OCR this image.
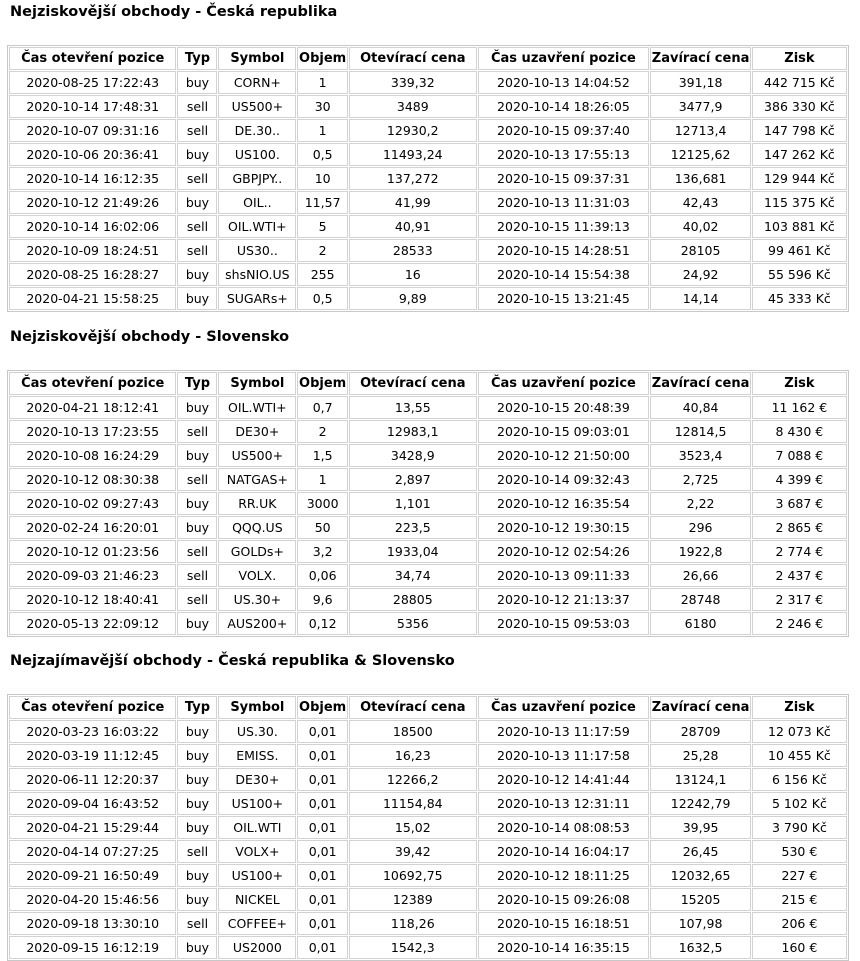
Nejziskovější obchody - Česká republika
Čas otevření pozice	Typ	Symbol	Objem	Otevírací cena	Čas uzavření pozice	Zavírací cena	Zisk
2020-08-25 17:22:43	buy	CORN+	1	339,32	2020-10-13 14:04:52	391,18	442 715 Kč
2020-10-14 17:48:31	sell	US500+	30	3489	2020-10-14 18:26:05	3477,9	386 330 Kč
2020-10-07 09:31:16	sell	DE.30..	1	12930,2	2020-10-15 09:37:40	12713,4	147 798 Kč
2020-10-06 20:36:41	buy	US100.	0,5	11493,24	2020-10-13 17:55:13	12125,62	147 262 Kč
2020-10-14 16:12:35	sell	GBPJPY..	10	137,272	2020-10-15 09:37:31	136,681	129 944 Kč
2020-10-12 21:49:26	buy	OIL..	11,57	41,99	2020-10-13 11:31:03	42,43	115 375 Kč
2020-10-14 16:02:06	sell	OIL.WTI+	5	40,91	2020-10-15 11:39:13	40,02	103 881 Kč
2020-10-09 18:24:51	sell	US30..	2	28533	2020-10-15 14:28:51	28105	99 461 Kč
2020-08-25 16:28:27	buy	shsNIO.US	255	16	2020-10-14 15:54:38	24,92	55 596 Kč
2020-04-21 15:58:25	buy	SUGARs+	0,5	9,89	2020-10-15 13:21:45	14,14	45 333 Kč
Nejziskovější obchody - Slovensko
Čas otevření pozice	Typ	Symbol	Objem	Otevírací cena	Čas uzavření pozice	Zavírací cena	Zisk
2020-04-21 18:12:41	buy	OIL.WTI+	0,7	13,55	2020-10-15 20:48:39	40,84	11 162 €
2020-10-13 17:23:55	sell	DE30+	2	12983,1	2020-10-15 09:03:01	12814,5	8 430 €
2020-10-08 16:24:29	buy	US500+	1,5	3428,9	2020-10-12 21:50:00	3523,4	7 088 €
2020-10-12 08:30:38	sell	NATGAS+	1	2,897	2020-10-14 09:32:43	2,725	4 399 €
2020-10-02 09:27:43	buy	RR.UK	3000	1,101	2020-10-12 16:35:54	2,22	3 687 €
2020-02-24 16:20:01	buy	QQQ.US	50	223,5	2020-10-12 19:30:15	296	2 865 €
2020-10-12 01:23:56	sell	GOLDs+	3,2	1933,04	2020-10-12 02:54:26	1922,8	2 774 €
2020-09-03 21:46:23	sell	VOLX.	0,06	34,74	2020-10-13 09:11:33	26,66	2 437 €
2020-10-12 18:40:41	sell	US.30+	9,6	28805	2020-10-12 21:13:37	28748	2 317 €
2020-05-13 22:09:12	buy	AUS200+	0,12	5356	2020-10-15 09:53:03	6180	2 246 €
Nejzajímavější obchody - Česká republika & Slovensko
Čas otevření pozice	Typ	Symbol	Objem	Otevírací cena	Čas uzavření pozice	Zavírací cena	Zisk
2020-03-23 16:03:22	buy	US.30.	0,01	18500	2020-10-13 11:17:59	28709	12 073 Kč
2020-03-19 11:12:45	buy	EMISS.	0,01	16,23	2020-10-13 11:17:58	25,28	10 455 Kč
2020-06-11 12:20:37	buy	DE30+	0,01	12266,2	2020-10-12 14:41:44	13124,1	6 156 Kč
2020-09-04 16:43:52	buy	US100+	0,01	11154,84	2020-10-13 12:31:11	12242,79	5 102 Kč
2020-04-21 15:29:44	buy	OIL.WTI	0,01	15,02	2020-10-14 08:08:53	39,95	3 790 Kč
2020-04-14 07:27:25	sell	VOLX+	0,01	39,42	2020-10-14 16:04:17	26,45	530 €
2020-09-21 16:50:49	buy	US100+	0,01	10692,75	2020-10-12 18:11:25	12032,65	227 €
2020-04-20 15:46:56	buy	NICKEL	0,01	12389	2020-10-15 09:26:08	15205	215 €
2020-09-18 13:30:10	sell	COFFEE+	0,01	118,26	2020-10-15 16:18:51	107,98	206 €
2020-09-15 16:12:19	buy	US2000	0,01	1542,3	2020-10-14 16:35:15	1632,5	160 €
